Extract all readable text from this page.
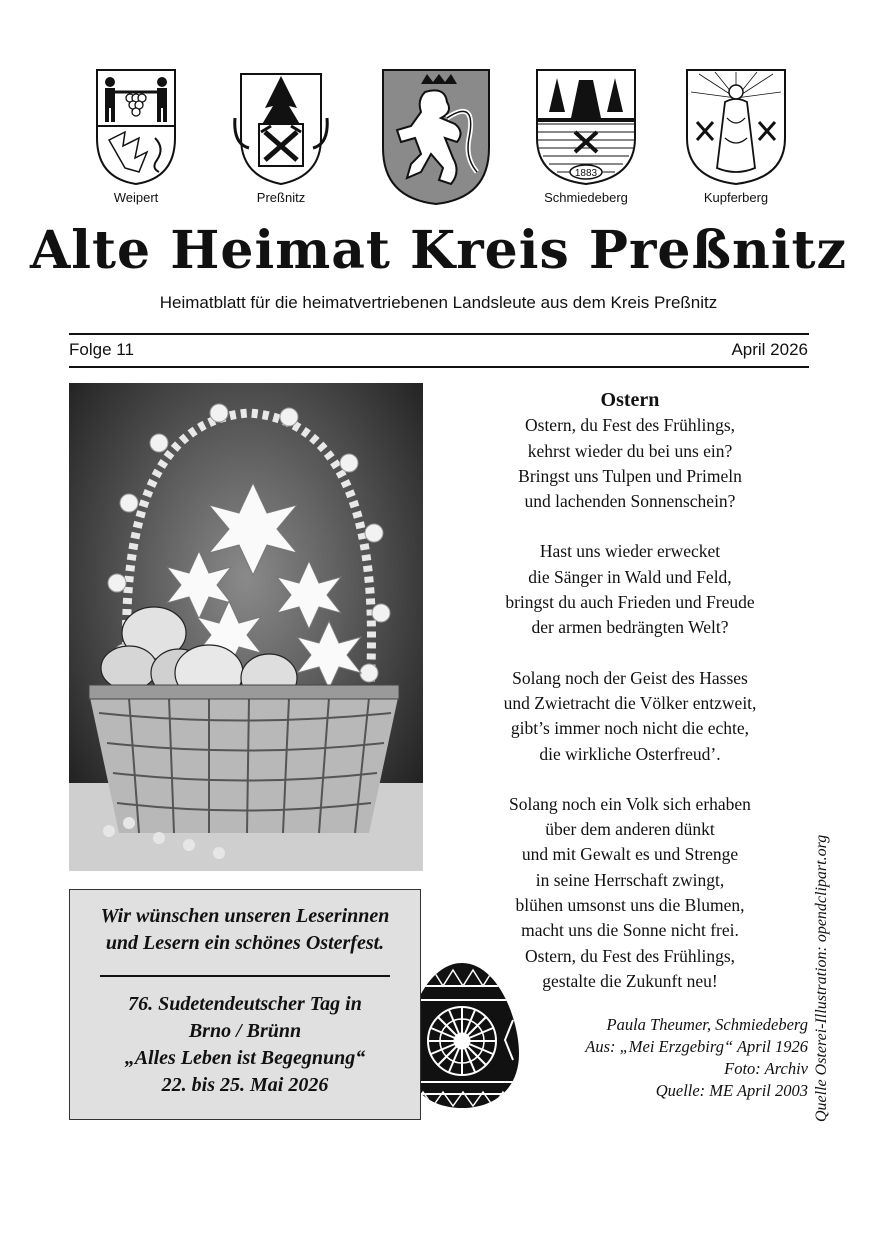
Weipert	Preßnitz
1883
Schmiedeberg	Kupferberg
Alte Heimat Kreis Preßnitz
Heimatblatt für die heimatvertriebenen Landsleute aus dem Kreis Preßnitz
Folge 11	April 2026
Ostern

Ostern, du Fest des Frühlings,

kehrst wieder du bei uns ein?

Bringst uns Tulpen und Primeln

und lachenden Sonnenschein?

Hast uns wieder erwecket

die Sänger in Wald und Feld,

bringst du auch Frieden und Freude

der armen bedrängten Welt?

Solang noch der Geist des Hasses

und Zwietracht die Völker entzweit,

gibt’s immer noch nicht die echte,

die wirkliche Osterfreud’.

Solang noch ein Volk sich erhaben

über dem anderen dünkt

und mit Gewalt es und Strenge

in seine Herrschaft zwingt,

blühen umsonst uns die Blumen,

macht uns die Sonne nicht frei.

Ostern, du Fest des Frühlings,

gestalte die Zukunft neu!

Paula Theumer, Schmiedeberg

Aus: „Mei Erzgebirg“ April 1926

Foto: Archiv

Quelle: ME April 2003

Wir wünschen unseren Leserinnen

und Lesern ein schönes Osterfest.

76. Sudetendeutscher Tag in

Brno / Brünn

„Alles Leben ist Begegnung“

22. bis 25. Mai 2026	Quelle Osterei-Illustration: opendclipart.org
